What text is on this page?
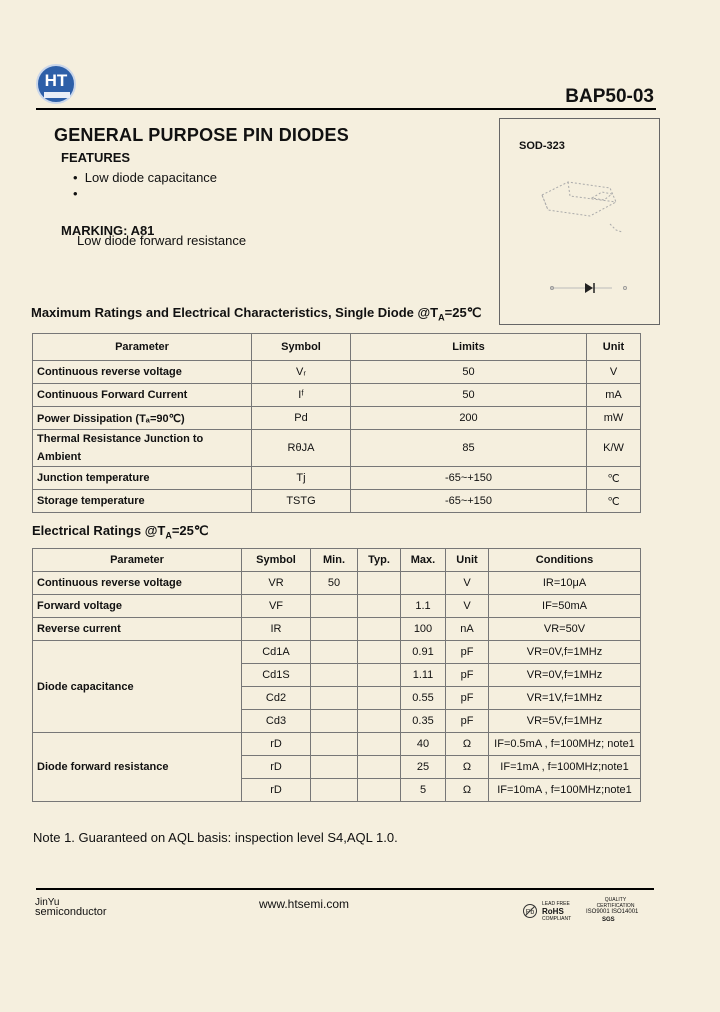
HT
BAP50-03
GENERAL PURPOSE PIN DIODES
FEATURES
•  Low diode capacitance
•
MARKING: A81
Low diode forward resistance
SOD-323
Maximum Ratings and Electrical Characteristics, Single Diode $@T_A=25℃$
Parameter	Symbol	Limits	Unit
Continuous reverse voltage	Vᵣ	50	V
Continuous Forward Current	Iᶠ	50	mA
Power Dissipation (Tₐ=90℃)	Pd	200	mW
Thermal Resistance Junction to Ambient	RθJA	85	K/W
Junction temperature	Tj	-65~+150	℃
Storage temperature	TSTG	-65~+150	℃
Electrical Ratings $@T_A=25℃$
Parameter	Symbol	Min.	Typ.	Max.	Unit	Conditions
Continuous reverse voltage	VR	50			V	IR=10μA
Forward voltage	VF			1.1	V	IF=50mA
Reverse current	IR			100	nA	VR=50V
Diode capacitance	Cd1A			0.91	pF	VR=0V,f=1MHz
	Cd1S			1.11	pF	VR=0V,f=1MHz
	Cd2			0.55	pF	VR=1V,f=1MHz
	Cd3			0.35	pF	VR=5V,f=1MHz
Diode forward resistance	rD			40	Ω	IF=0.5mA , f=100MHz; note1
	rD			25	Ω	IF=1mA , f=100MHz;note1
	rD			5	Ω	IF=10mA , f=100MHz;note1
Note 1. Guaranteed on AQL basis: inspection level S4,AQL 1.0.
JinYu
semiconductor
www.htsemi.com
Pb
LEAD FREE
RoHS
COMPLIANT
QUALITY CERTIFICATION
ISO9001 ISO14001
SGS
